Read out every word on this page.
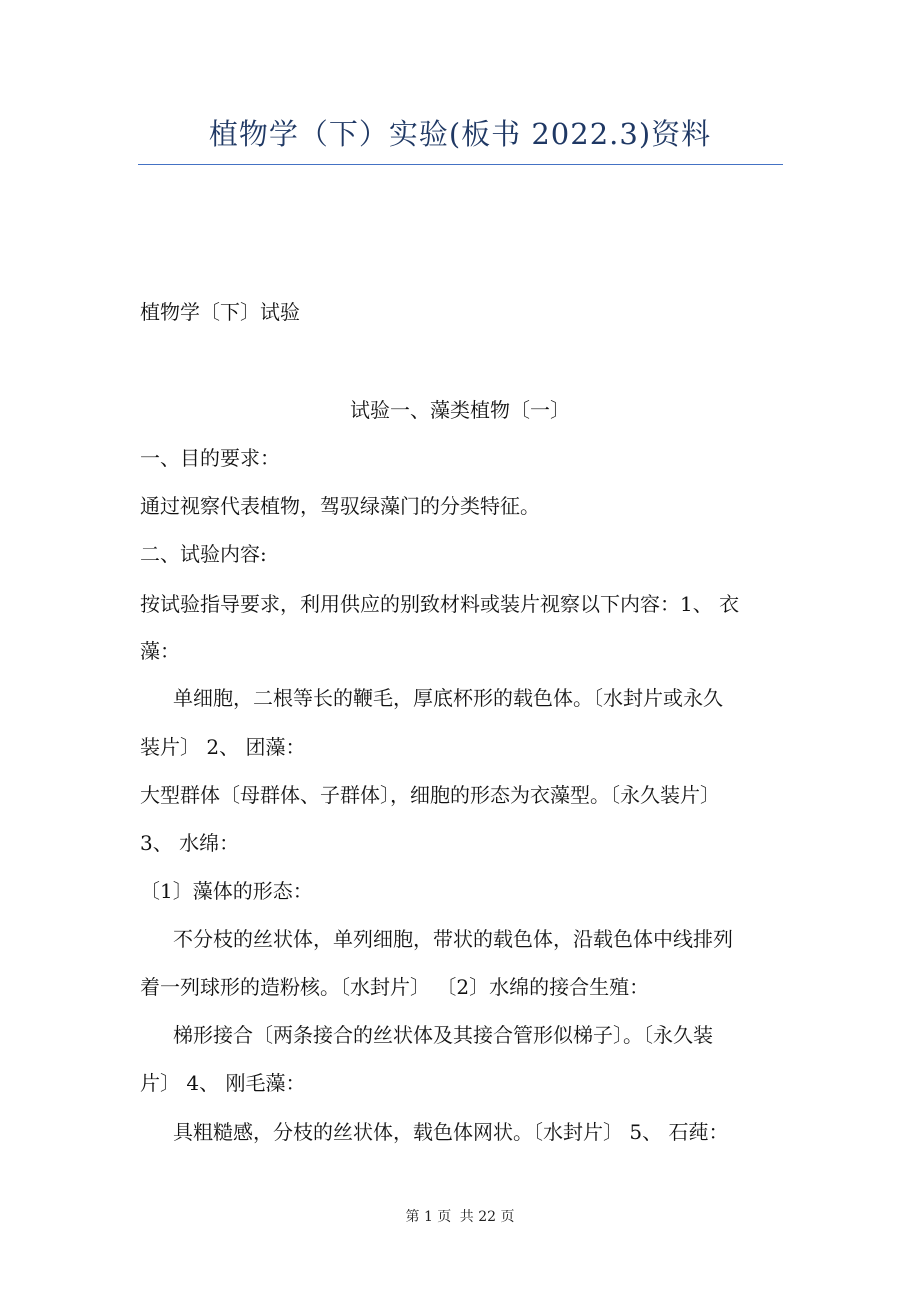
植物学（下）实验(板书 2022.3)资料
植物学〔下〕试验
试验一、藻类植物〔一〕
一、目的要求：
通过视察代表植物，驾驭绿藻门的分类特征。
二、试验内容:
按试验指导要求，利用供应的别致材料或装片视察以下内容：1、 衣
藻：
单细胞，二根等长的鞭毛，厚底杯形的载色体。〔水封片或永久
装片〕 2、 团藻：
大型群体〔母群体、子群体〕，细胞的形态为衣藻型。〔永久装片〕
3、 水绵：
〔1〕藻体的形态：
不分枝的丝状体，单列细胞，带状的载色体，沿载色体中线排列
着一列球形的造粉核。〔水封片〕 〔2〕水绵的接合生殖：
梯形接合〔两条接合的丝状体及其接合管形似梯子〕。〔永久装
片〕 4、 刚毛藻：
具粗糙感，分枝的丝状体，载色体网状。〔水封片〕 5、 石莼：
第 1 页 共 22 页
